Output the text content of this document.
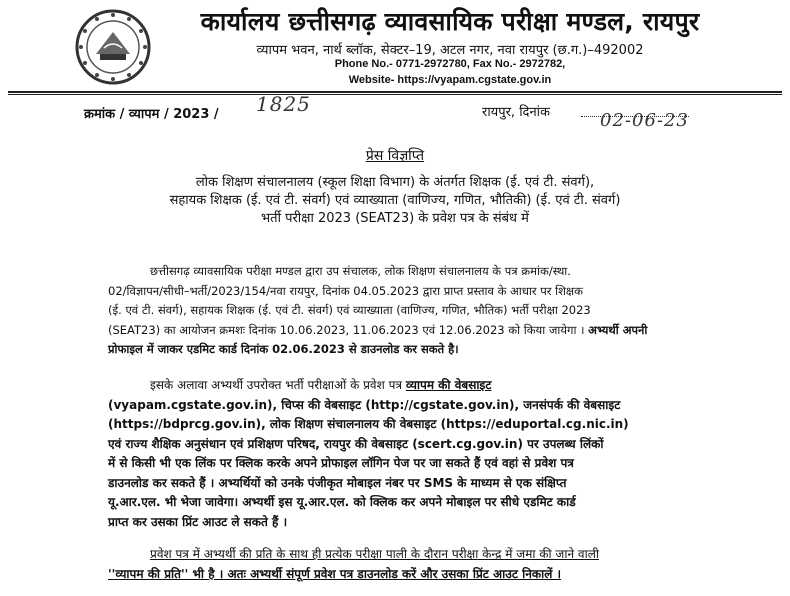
कार्यालय छत्तीसगढ़ व्यावसायिक परीक्षा मण्डल, रायपुर
व्यापम भवन, नार्थ ब्लॉक, सेक्टर–19, अटल नगर, नवा रायपुर (छ.ग.)–492002
Phone No.- 0771-2972780, Fax No.- 2972782,
Website- https://vyapam.cgstate.gov.in
क्रमांक / व्यापम / 2023 / 1825	रायपुर, दिनांक	02-06-23
प्रेस विज्ञप्ति
लोक शिक्षण संचालनालय (स्कूल शिक्षा विभाग) के अंतर्गत शिक्षक (ई. एवं टी. संवर्ग),
सहायक शिक्षक (ई. एवं टी. संवर्ग) एवं व्याख्याता (वाणिज्य, गणित, भौतिकी) (ई. एवं टी. संवर्ग)
भर्ती परीक्षा 2023 (SEAT23) के प्रवेश पत्र के संबंध में
छत्तीसगढ़ व्यावसायिक परीक्षा मण्डल द्वारा उप संचालक, लोक शिक्षण संचालनालय के पत्र क्रमांक/स्था.
02/विज्ञापन/सीधी–भर्ती/2023/154/नवा रायपुर, दिनांक 04.05.2023 द्वारा प्राप्त प्रस्ताव के आधार पर शिक्षक
(ई. एवं टी. संवर्ग), सहायक शिक्षक (ई. एवं टी. संवर्ग) एवं व्याख्याता (वाणिज्य, गणित, भौतिक) भर्ती परीक्षा 2023
(SEAT23) का आयोजन क्रमशः दिनांक 10.06.2023, 11.06.2023 एवं 12.06.2023 को किया जायेगा । अभ्यर्थी अपनी
प्रोफाइल में जाकर एडमिट कार्ड दिनांक 02.06.2023 से डाउनलोड कर सकते है।
इसके अलावा अभ्यर्थी उपरोक्त भर्ती परीक्षाओं के प्रवेश पत्र व्यापम की वेबसाइट
(vyapam.cgstate.gov.in), चिप्स की वेबसाइट (http://cgstate.gov.in), जनसंपर्क की वेबसाइट
(https://bdprcg.gov.in), लोक शिक्षण संचालनालय की वेबसाइट (https://eduportal.cg.nic.in)
एवं राज्य शैक्षिक अनुसंधान एवं प्रशिक्षण परिषद, रायपुर की वेबसाइट (scert.cg.gov.in) पर उपलब्ध लिंकों
में से किसी भी एक लिंक पर क्लिक करके अपने प्रोफाइल लॉगिन पेज पर जा सकते हैं एवं वहां से प्रवेश पत्र
डाउनलोड कर सकते हैं । अभ्यर्थियों को उनके पंजीकृत मोबाइल नंबर पर SMS के माध्यम से एक संक्षिप्त
यू.आर.एल. भी भेजा जावेगा। अभ्यर्थी इस यू.आर.एल. को क्लिक कर अपने मोबाइल पर सीधे एडमिट कार्ड
प्राप्त कर उसका प्रिंट आउट ले सकते हैं ।
प्रवेश पत्र में अभ्यर्थी की प्रति के साथ ही प्रत्येक परीक्षा पाली के दौरान परीक्षा केन्द्र में जमा की जाने वाली
''व्यापम की प्रति'' भी है । अतः अभ्यर्थी संपूर्ण प्रवेश पत्र डाउनलोड करें और उसका प्रिंट आउट निकालें ।
